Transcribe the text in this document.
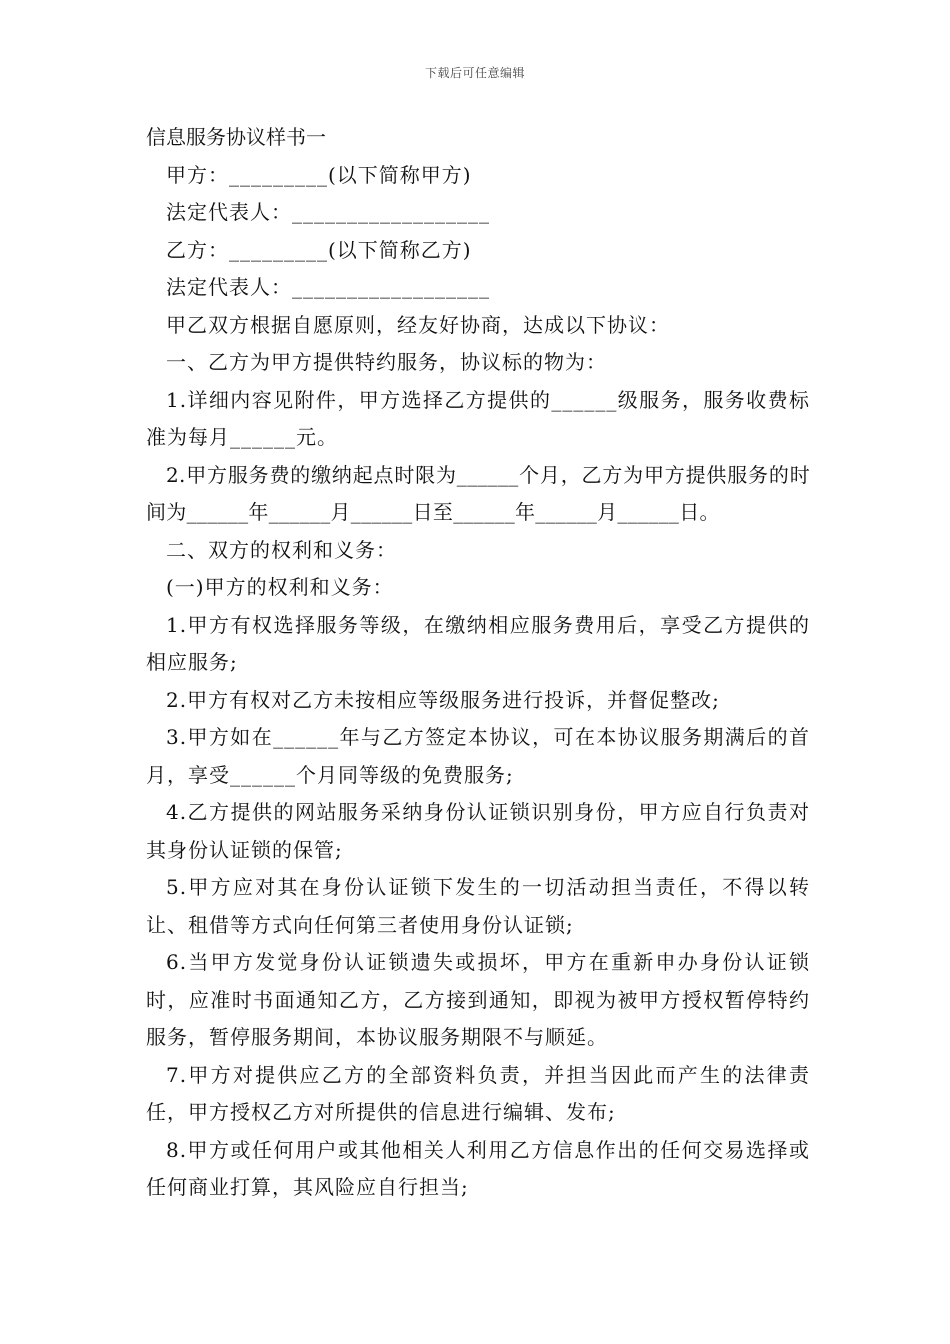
下载后可任意编辑
信息服务协议样书一
甲方：_________(以下简称甲方)
法定代表人：__________________
乙方：_________(以下简称乙方)
法定代表人：__________________
甲乙双方根据自愿原则，经友好协商，达成以下协议：
一、乙方为甲方提供特约服务，协议标的物为：
1.详细内容见附件，甲方选择乙方提供的______级服务，服务收费标准为每月______元。
2.甲方服务费的缴纳起点时限为______个月，乙方为甲方提供服务的时间为______年______月______日至______年______月______日。
二、双方的权利和义务：
(一)甲方的权利和义务：
1.甲方有权选择服务等级，在缴纳相应服务费用后，享受乙方提供的相应服务;
2.甲方有权对乙方未按相应等级服务进行投诉，并督促整改;
3.甲方如在______年与乙方签定本协议，可在本协议服务期满后的首月，享受______个月同等级的免费服务;
4.乙方提供的网站服务采纳身份认证锁识别身份，甲方应自行负责对其身份认证锁的保管;
5.甲方应对其在身份认证锁下发生的一切活动担当责任，不得以转让、租借等方式向任何第三者使用身份认证锁;
6.当甲方发觉身份认证锁遗失或损坏，甲方在重新申办身份认证锁时，应准时书面通知乙方，乙方接到通知，即视为被甲方授权暂停特约服务，暂停服务期间，本协议服务期限不与顺延。
7.甲方对提供应乙方的全部资料负责，并担当因此而产生的法律责任，甲方授权乙方对所提供的信息进行编辑、发布;
8.甲方或任何用户或其他相关人利用乙方信息作出的任何交易选择或任何商业打算，其风险应自行担当;
